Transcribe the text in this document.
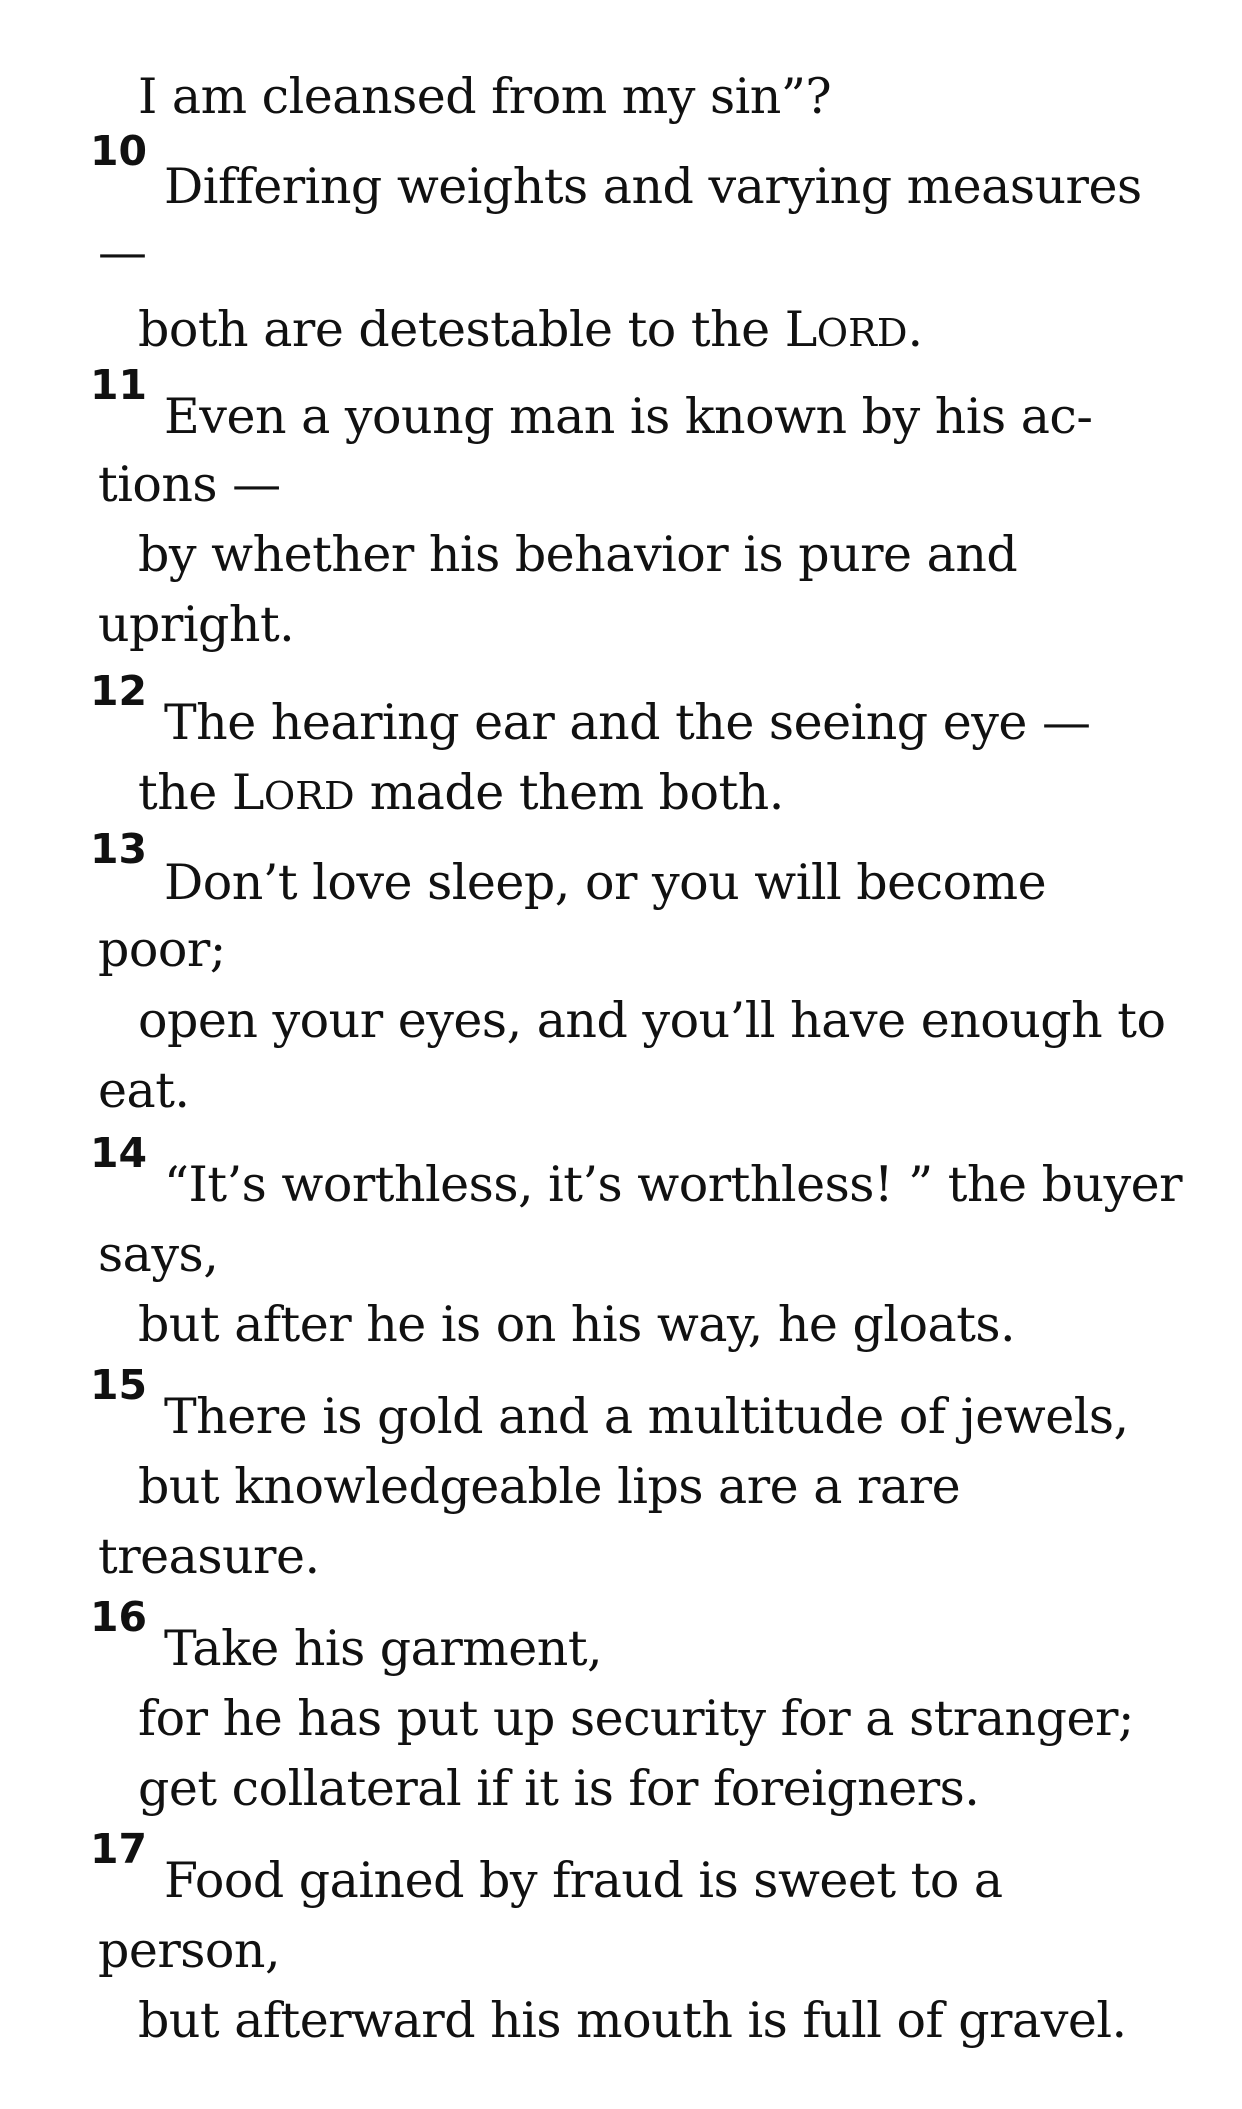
I am cleansed from my sin”?
10
Differing weights and varying measures
—
both are detestable to the LORD.
11
Even a young man is known by his ac-
tions —
by whether his behavior is pure and
upright.
12
The hearing ear and the seeing eye —
the LORD made them both.
13
Don’t love sleep, or you will become
poor;
open your eyes, and you’ll have enough to
eat.
14
“It’s worthless, it’s worthless! ” the buyer
says,
but after he is on his way, he gloats.
15
There is gold and a multitude of jewels,
but knowledgeable lips are a rare
treasure.
16
Take his garment,
for he has put up security for a stranger;
get collateral if it is for foreigners.
17
Food gained by fraud is sweet to a
person,
but afterward his mouth is full of gravel.
